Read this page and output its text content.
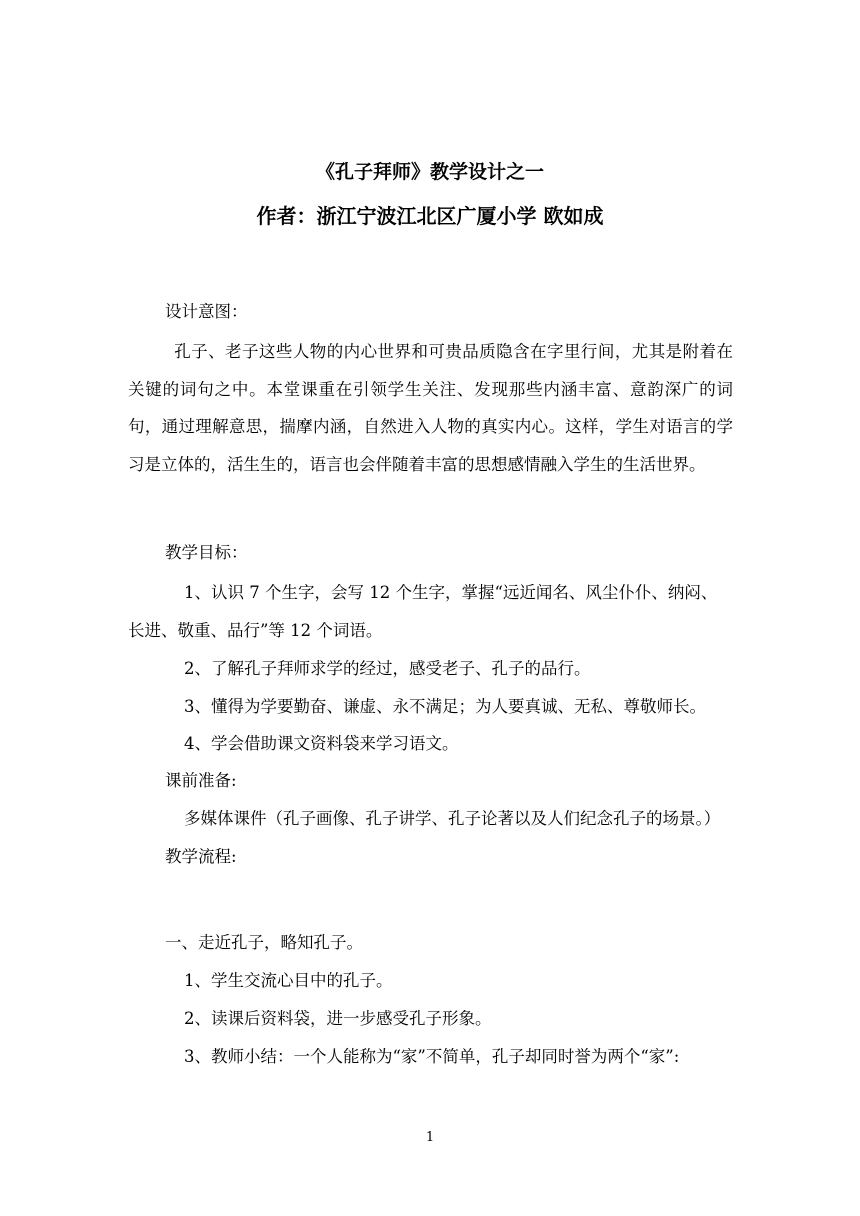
《孔子拜师》教学设计之一
作者：浙江宁波江北区广厦小学 欧如成
设计意图：
孔子、老子这些人物的内心世界和可贵品质隐含在字里行间，尤其是附着在关键的词句之中。本堂课重在引领学生关注、发现那些内涵丰富、意韵深广的词句，通过理解意思，揣摩内涵，自然进入人物的真实内心。这样，学生对语言的学习是立体的，活生生的，语言也会伴随着丰富的思想感情融入学生的生活世界。
教学目标：
1、认识 7 个生字，会写 12 个生字，掌握“远近闻名、风尘仆仆、纳闷、
长进、敬重、品行”等 12 个词语。
2、了解孔子拜师求学的经过，感受老子、孔子的品行。
3、懂得为学要勤奋、谦虚、永不满足；为人要真诚、无私、尊敬师长。
4、学会借助课文资料袋来学习语文。
课前准备:
多媒体课件（孔子画像、孔子讲学、孔子论著以及人们纪念孔子的场景。）
教学流程:
一、走近孔子，略知孔子。
1、学生交流心目中的孔子。
2、读课后资料袋，进一步感受孔子形象。
3、教师小结：一个人能称为“家”不简单，孔子却同时誉为两个“家”:
1
